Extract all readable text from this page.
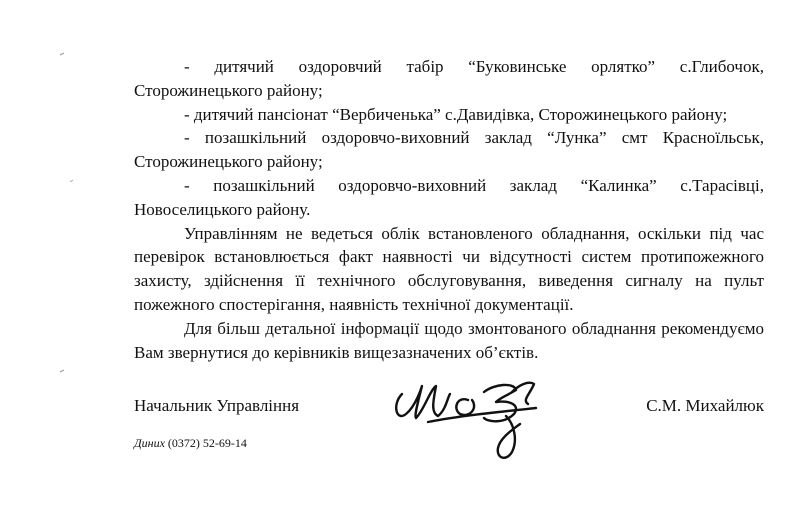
- дитячий оздоровчий табір “Буковинське орлятко” с.Глибочок, Сторожинецького району;

- дитячий пансіонат “Вербиченька” с.Давидівка, Сторожинецького району;

- позашкільний оздоровчо-виховний заклад “Лунка” смт Красноїльськ, Сторожинецького району;

- позашкільний оздоровчо-виховний заклад “Калинка” с.Тарасівці, Новоселицького району.

Управлінням не ведеться облік встановленого обладнання, оскільки під час перевірок встановлюється факт наявності чи відсутності систем протипожежного захисту, здійснення її технічного обслуговування, виведення сигналу на пульт пожежного спостерігання, наявність технічної документації.

Для більш детальної інформації щодо змонтованого обладнання рекомендуємо Вам звернутися до керівників вищезазначених об’єктів.

Начальник Управління	С.М. Михайлюк
Диних (0372) 52-69-14
